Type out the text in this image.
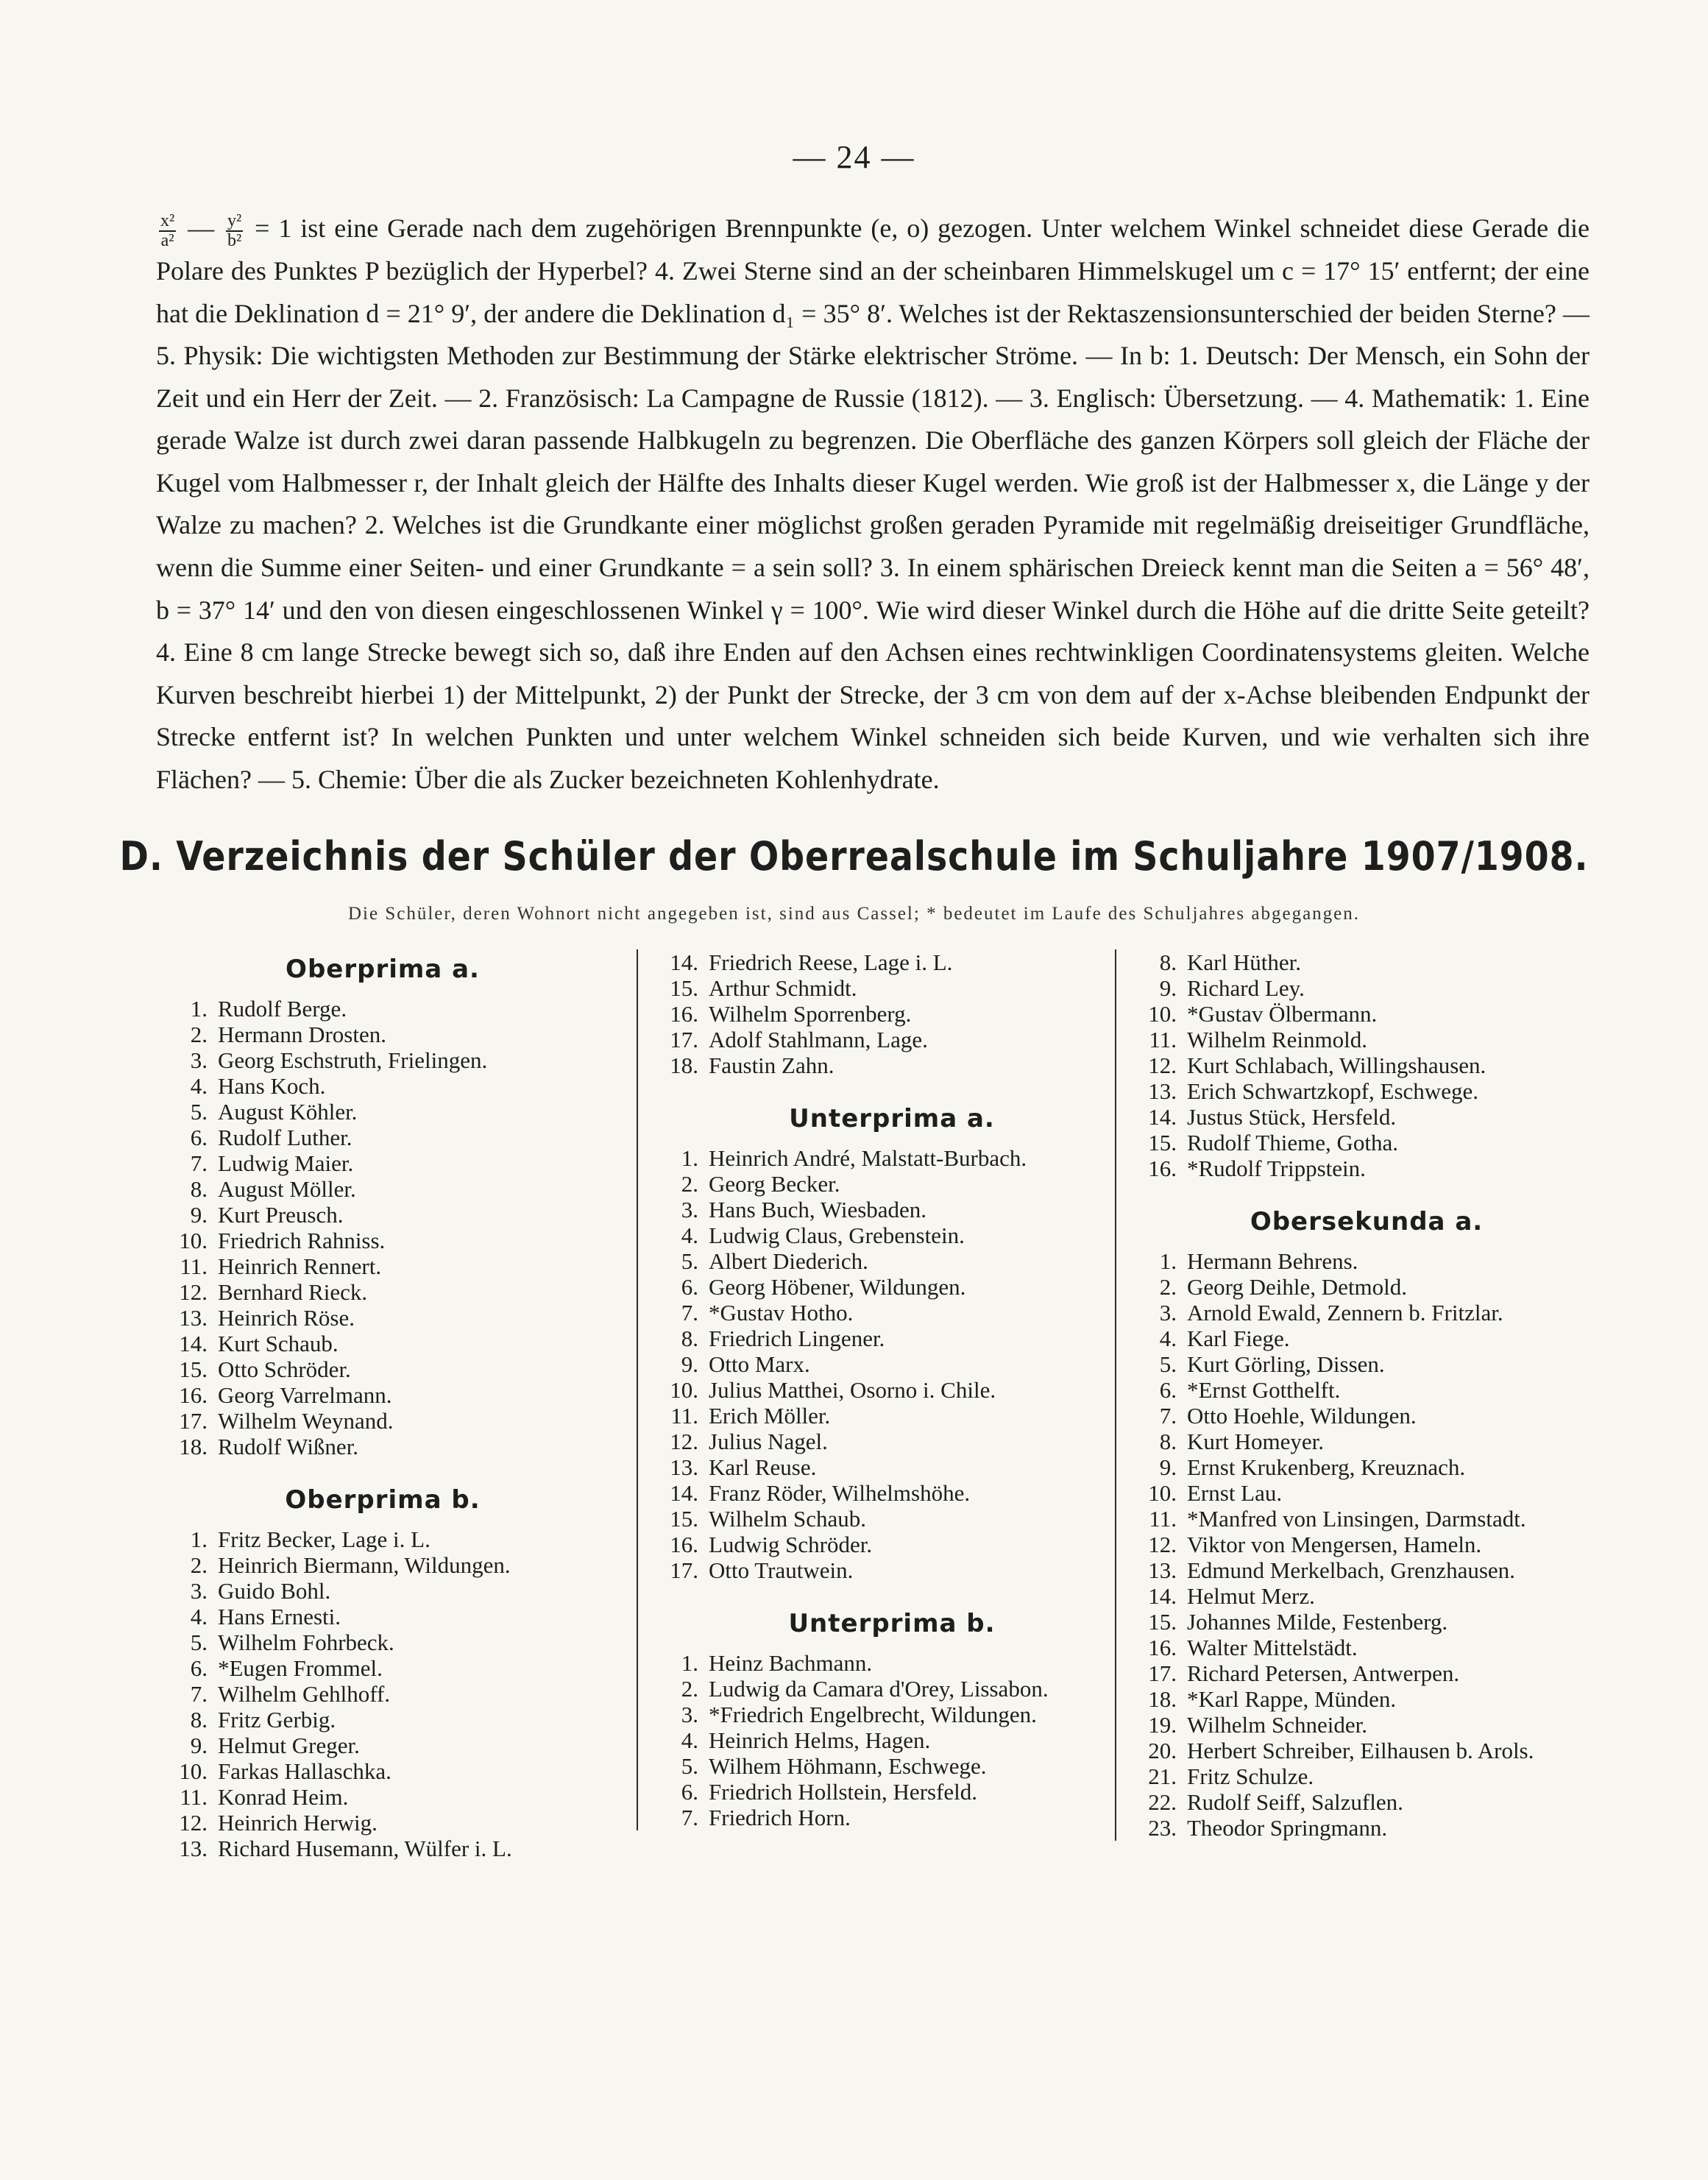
— 24 —
$\frac{\text{x²}}{\text{a²}}$ — $\frac{\text{y²}}{\text{b²}} = 1$ ist eine Gerade nach dem zugehörigen Brennpunkte (e, o) gezogen. Unter welchem Winkel schneidet diese Gerade die Polare des Punktes P bezüglich der Hyperbel? 4. Zwei Sterne sind an der scheinbaren Himmelskugel um c = 17° 15′ entfernt; der eine hat die Deklination d = 21° 9′, der andere die Deklination d₁ = 35° 8′. Welches ist der Rektaszensionsunterschied der beiden Sterne? — 5. Physik: Die wichtigsten Methoden zur Bestimmung der Stärke elektrischer Ströme. — In b: 1. Deutsch: Der Mensch, ein Sohn der Zeit und ein Herr der Zeit. — 2. Französisch: La Campagne de Russie (1812). — 3. Englisch: Übersetzung. — 4. Mathematik: 1. Eine gerade Walze ist durch zwei daran passende Halbkugeln zu begrenzen. Die Oberfläche des ganzen Körpers soll gleich der Fläche der Kugel vom Halbmesser r, der Inhalt gleich der Hälfte des Inhalts dieser Kugel werden. Wie groß ist der Halbmesser x, die Länge y der Walze zu machen? 2. Welches ist die Grundkante einer möglichst großen geraden Pyramide mit regelmäßig dreiseitiger Grundfläche, wenn die Summe einer Seiten- und einer Grundkante = a sein soll? 3. In einem sphärischen Dreieck kennt man die Seiten a = 56° 48′, b = 37° 14′ und den von diesen eingeschlossenen Winkel γ = 100°. Wie wird dieser Winkel durch die Höhe auf die dritte Seite geteilt? 4. Eine 8 cm lange Strecke bewegt sich so, daß ihre Enden auf den Achsen eines rechtwinkligen Coordinatensystems gleiten. Welche Kurven beschreibt hierbei 1) der Mittelpunkt, 2) der Punkt der Strecke, der 3 cm von dem auf der x-Achse bleibenden Endpunkt der Strecke entfernt ist? In welchen Punkten und unter welchem Winkel schneiden sich beide Kurven, und wie verhalten sich ihre Flächen? — 5. Chemie: Über die als Zucker bezeichneten Kohlenhydrate.
D. Verzeichnis der Schüler der Oberrealschule im Schuljahre 1907/1908.
Die Schüler, deren Wohnort nicht angegeben ist, sind aus Cassel; * bedeutet im Laufe des Schuljahres abgegangen.
Oberprima a.
1. Rudolf Berge.
2. Hermann Drosten.
3. Georg Eschstruth, Frielingen.
4. Hans Koch.
5. August Köhler.
6. Rudolf Luther.
7. Ludwig Maier.
8. August Möller.
9. Kurt Preusch.
10. Friedrich Rahniss.
11. Heinrich Rennert.
12. Bernhard Rieck.
13. Heinrich Röse.
14. Kurt Schaub.
15. Otto Schröder.
16. Georg Varrelmann.
17. Wilhelm Weynand.
18. Rudolf Wißner.
Oberprima b.
1. Fritz Becker, Lage i. L.
2. Heinrich Biermann, Wildungen.
3. Guido Bohl.
4. Hans Ernesti.
5. Wilhelm Fohrbeck.
6. *Eugen Frommel.
7. Wilhelm Gehlhoff.
8. Fritz Gerbig.
9. Helmut Greger.
10. Farkas Hallaschka.
11. Konrad Heim.
12. Heinrich Herwig.
13. Richard Husemann, Wülfer i. L.
14. Friedrich Reese, Lage i. L.
15. Arthur Schmidt.
16. Wilhelm Sporrenberg.
17. Adolf Stahlmann, Lage.
18. Faustin Zahn.
Unterprima a.
1. Heinrich André, Malstatt-Burbach.
2. Georg Becker.
3. Hans Buch, Wiesbaden.
4. Ludwig Claus, Grebenstein.
5. Albert Diederich.
6. Georg Höbener, Wildungen.
7. *Gustav Hotho.
8. Friedrich Lingener.
9. Otto Marx.
10. Julius Matthei, Osorno i. Chile.
11. Erich Möller.
12. Julius Nagel.
13. Karl Reuse.
14. Franz Röder, Wilhelmshöhe.
15. Wilhelm Schaub.
16. Ludwig Schröder.
17. Otto Trautwein.
Unterprima b.
1. Heinz Bachmann.
2. Ludwig da Camara d'Orey, Lissabon.
3. *Friedrich Engelbrecht, Wildungen.
4. Heinrich Helms, Hagen.
5. Wilhem Höhmann, Eschwege.
6. Friedrich Hollstein, Hersfeld.
7. Friedrich Horn.
8. Karl Hüther.
9. Richard Ley.
10. *Gustav Ölbermann.
11. Wilhelm Reinmold.
12. Kurt Schlabach, Willingshausen.
13. Erich Schwartzkopf, Eschwege.
14. Justus Stück, Hersfeld.
15. Rudolf Thieme, Gotha.
16. *Rudolf Trippstein.
Obersekunda a.
1. Hermann Behrens.
2. Georg Deihle, Detmold.
3. Arnold Ewald, Zennern b. Fritzlar.
4. Karl Fiege.
5. Kurt Görling, Dissen.
6. *Ernst Gotthelft.
7. Otto Hoehle, Wildungen.
8. Kurt Homeyer.
9. Ernst Krukenberg, Kreuznach.
10. Ernst Lau.
11. *Manfred von Linsingen, Darmstadt.
12. Viktor von Mengersen, Hameln.
13. Edmund Merkelbach, Grenzhausen.
14. Helmut Merz.
15. Johannes Milde, Festenberg.
16. Walter Mittelstädt.
17. Richard Petersen, Antwerpen.
18. *Karl Rappe, Münden.
19. Wilhelm Schneider.
20. Herbert Schreiber, Eilhausen b. Arols.
21. Fritz Schulze.
22. Rudolf Seiff, Salzuflen.
23. Theodor Springmann.
